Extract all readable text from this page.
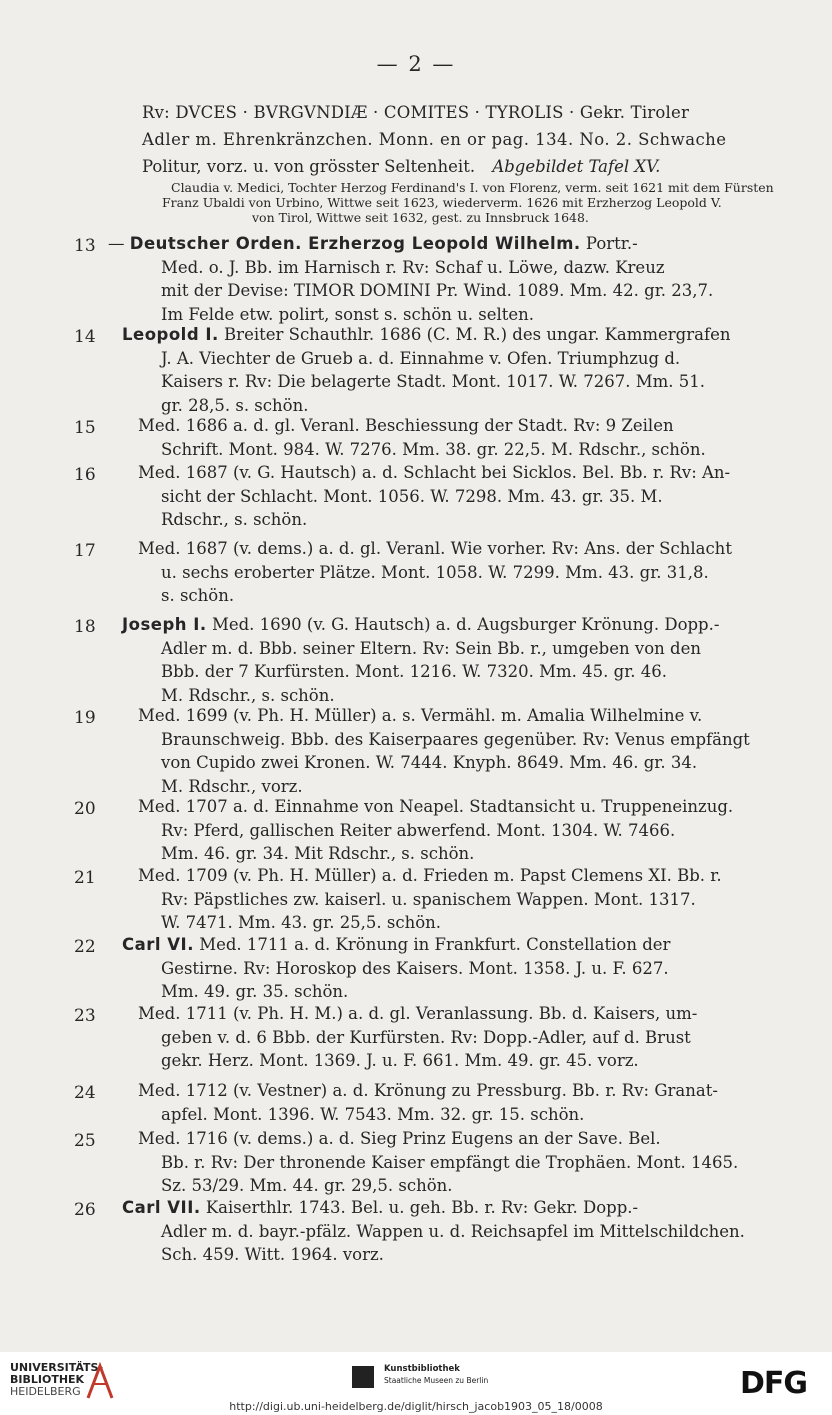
— 2 —
Rv: DVCES · BVRGVNDIÆ · COMITES · TYROLIS · Gekr. Tiroler
Adler m. Ehrenkränzchen. Monn. en or pag. 134. No. 2. Schwache
Politur, vorz. u. von grösster Seltenheit. Abgebildet Tafel XV.
Claudia v. Medici, Tochter Herzog Ferdinand's I. von Florenz, verm. seit 1621 mit dem Fürsten
Franz Ubaldi von Urbino, Wittwe seit 1623, wiederverm. 1626 mit Erzherzog Leopold V.
von Tirol, Wittwe seit 1632, gest. zu Innsbruck 1648.
13 — Deutscher Orden. Erzherzog Leopold Wilhelm. Portr.-
Med. o. J. Bb. im Harnisch r. Rv: Schaf u. Löwe, dazw. Kreuz
mit der Devise: TIMOR DOMINI Pr. Wind. 1089. Mm. 42. gr. 23,7.
Im Felde etw. polirt, sonst s. schön u. selten.
14 Leopold I. Breiter Schauthlr. 1686 (C. M. R.) des ungar. Kammergrafen
J. A. Viechter de Grueb a. d. Einnahme v. Ofen. Triumphzug d.
Kaisers r. Rv: Die belagerte Stadt. Mont. 1017. W. 7267. Mm. 51.
gr. 28,5. s. schön.
15	Med. 1686 a. d. gl. Veranl. Beschiessung der Stadt. Rv: 9 Zeilen
Schrift. Mont. 984. W. 7276. Mm. 38. gr. 22,5. M. Rdschr., schön.
16	Med. 1687 (v. G. Hautsch) a. d. Schlacht bei Sicklos. Bel. Bb. r. Rv: An-
sicht der Schlacht. Mont. 1056. W. 7298. Mm. 43. gr. 35. M.
Rdschr., s. schön.
17	Med. 1687 (v. dems.) a. d. gl. Veranl. Wie vorher. Rv: Ans. der Schlacht
u. sechs eroberter Plätze. Mont. 1058. W. 7299. Mm. 43. gr. 31,8.
s. schön.
18 Joseph I. Med. 1690 (v. G. Hautsch) a. d. Augsburger Krönung. Dopp.-
Adler m. d. Bbb. seiner Eltern. Rv: Sein Bb. r., umgeben von den
Bbb. der 7 Kurfürsten. Mont. 1216. W. 7320. Mm. 45. gr. 46.
M. Rdschr., s. schön.
19	Med. 1699 (v. Ph. H. Müller) a. s. Vermähl. m. Amalia Wilhelmine v.
Braunschweig. Bbb. des Kaiserpaares gegenüber. Rv: Venus empfängt
von Cupido zwei Kronen. W. 7444. Knyph. 8649. Mm. 46. gr. 34.
M. Rdschr., vorz.
20	Med. 1707 a. d. Einnahme von Neapel. Stadtansicht u. Truppeneinzug.
Rv: Pferd, gallischen Reiter abwerfend. Mont. 1304. W. 7466.
Mm. 46. gr. 34. Mit Rdschr., s. schön.
21	Med. 1709 (v. Ph. H. Müller) a. d. Frieden m. Papst Clemens XI. Bb. r.
Rv: Päpstliches zw. kaiserl. u. spanischem Wappen. Mont. 1317.
W. 7471. Mm. 43. gr. 25,5. schön.
22 Carl VI. Med. 1711 a. d. Krönung in Frankfurt. Constellation der
Gestirne. Rv: Horoskop des Kaisers. Mont. 1358. J. u. F. 627.
Mm. 49. gr. 35. schön.
23	Med. 1711 (v. Ph. H. M.) a. d. gl. Veranlassung. Bb. d. Kaisers, um-
geben v. d. 6 Bbb. der Kurfürsten. Rv: Dopp.-Adler, auf d. Brust
gekr. Herz. Mont. 1369. J. u. F. 661. Mm. 49. gr. 45. vorz.
24	Med. 1712 (v. Vestner) a. d. Krönung zu Pressburg. Bb. r. Rv: Granat-
apfel. Mont. 1396. W. 7543. Mm. 32. gr. 15. schön.
25	Med. 1716 (v. dems.) a. d. Sieg Prinz Eugens an der Save. Bel.
Bb. r. Rv: Der thronende Kaiser empfängt die Trophäen. Mont. 1465.
Sz. 53/29. Mm. 44. gr. 29,5. schön.
26 Carl VII. Kaiserthlr. 1743. Bel. u. geh. Bb. r. Rv: Gekr. Dopp.-
Adler m. d. bayr.-pfälz. Wappen u. d. Reichsapfel im Mittelschildchen.
Sch. 459. Witt. 1964. vorz.
UNIVERSITÄTS-
BIBLIOTHEK
HEIDELBERG
Kunstbibliothek
Staatliche Museen zu Berlin	DFG
http://digi.ub.uni-heidelberg.de/diglit/hirsch_jacob1903_05_18/0008
